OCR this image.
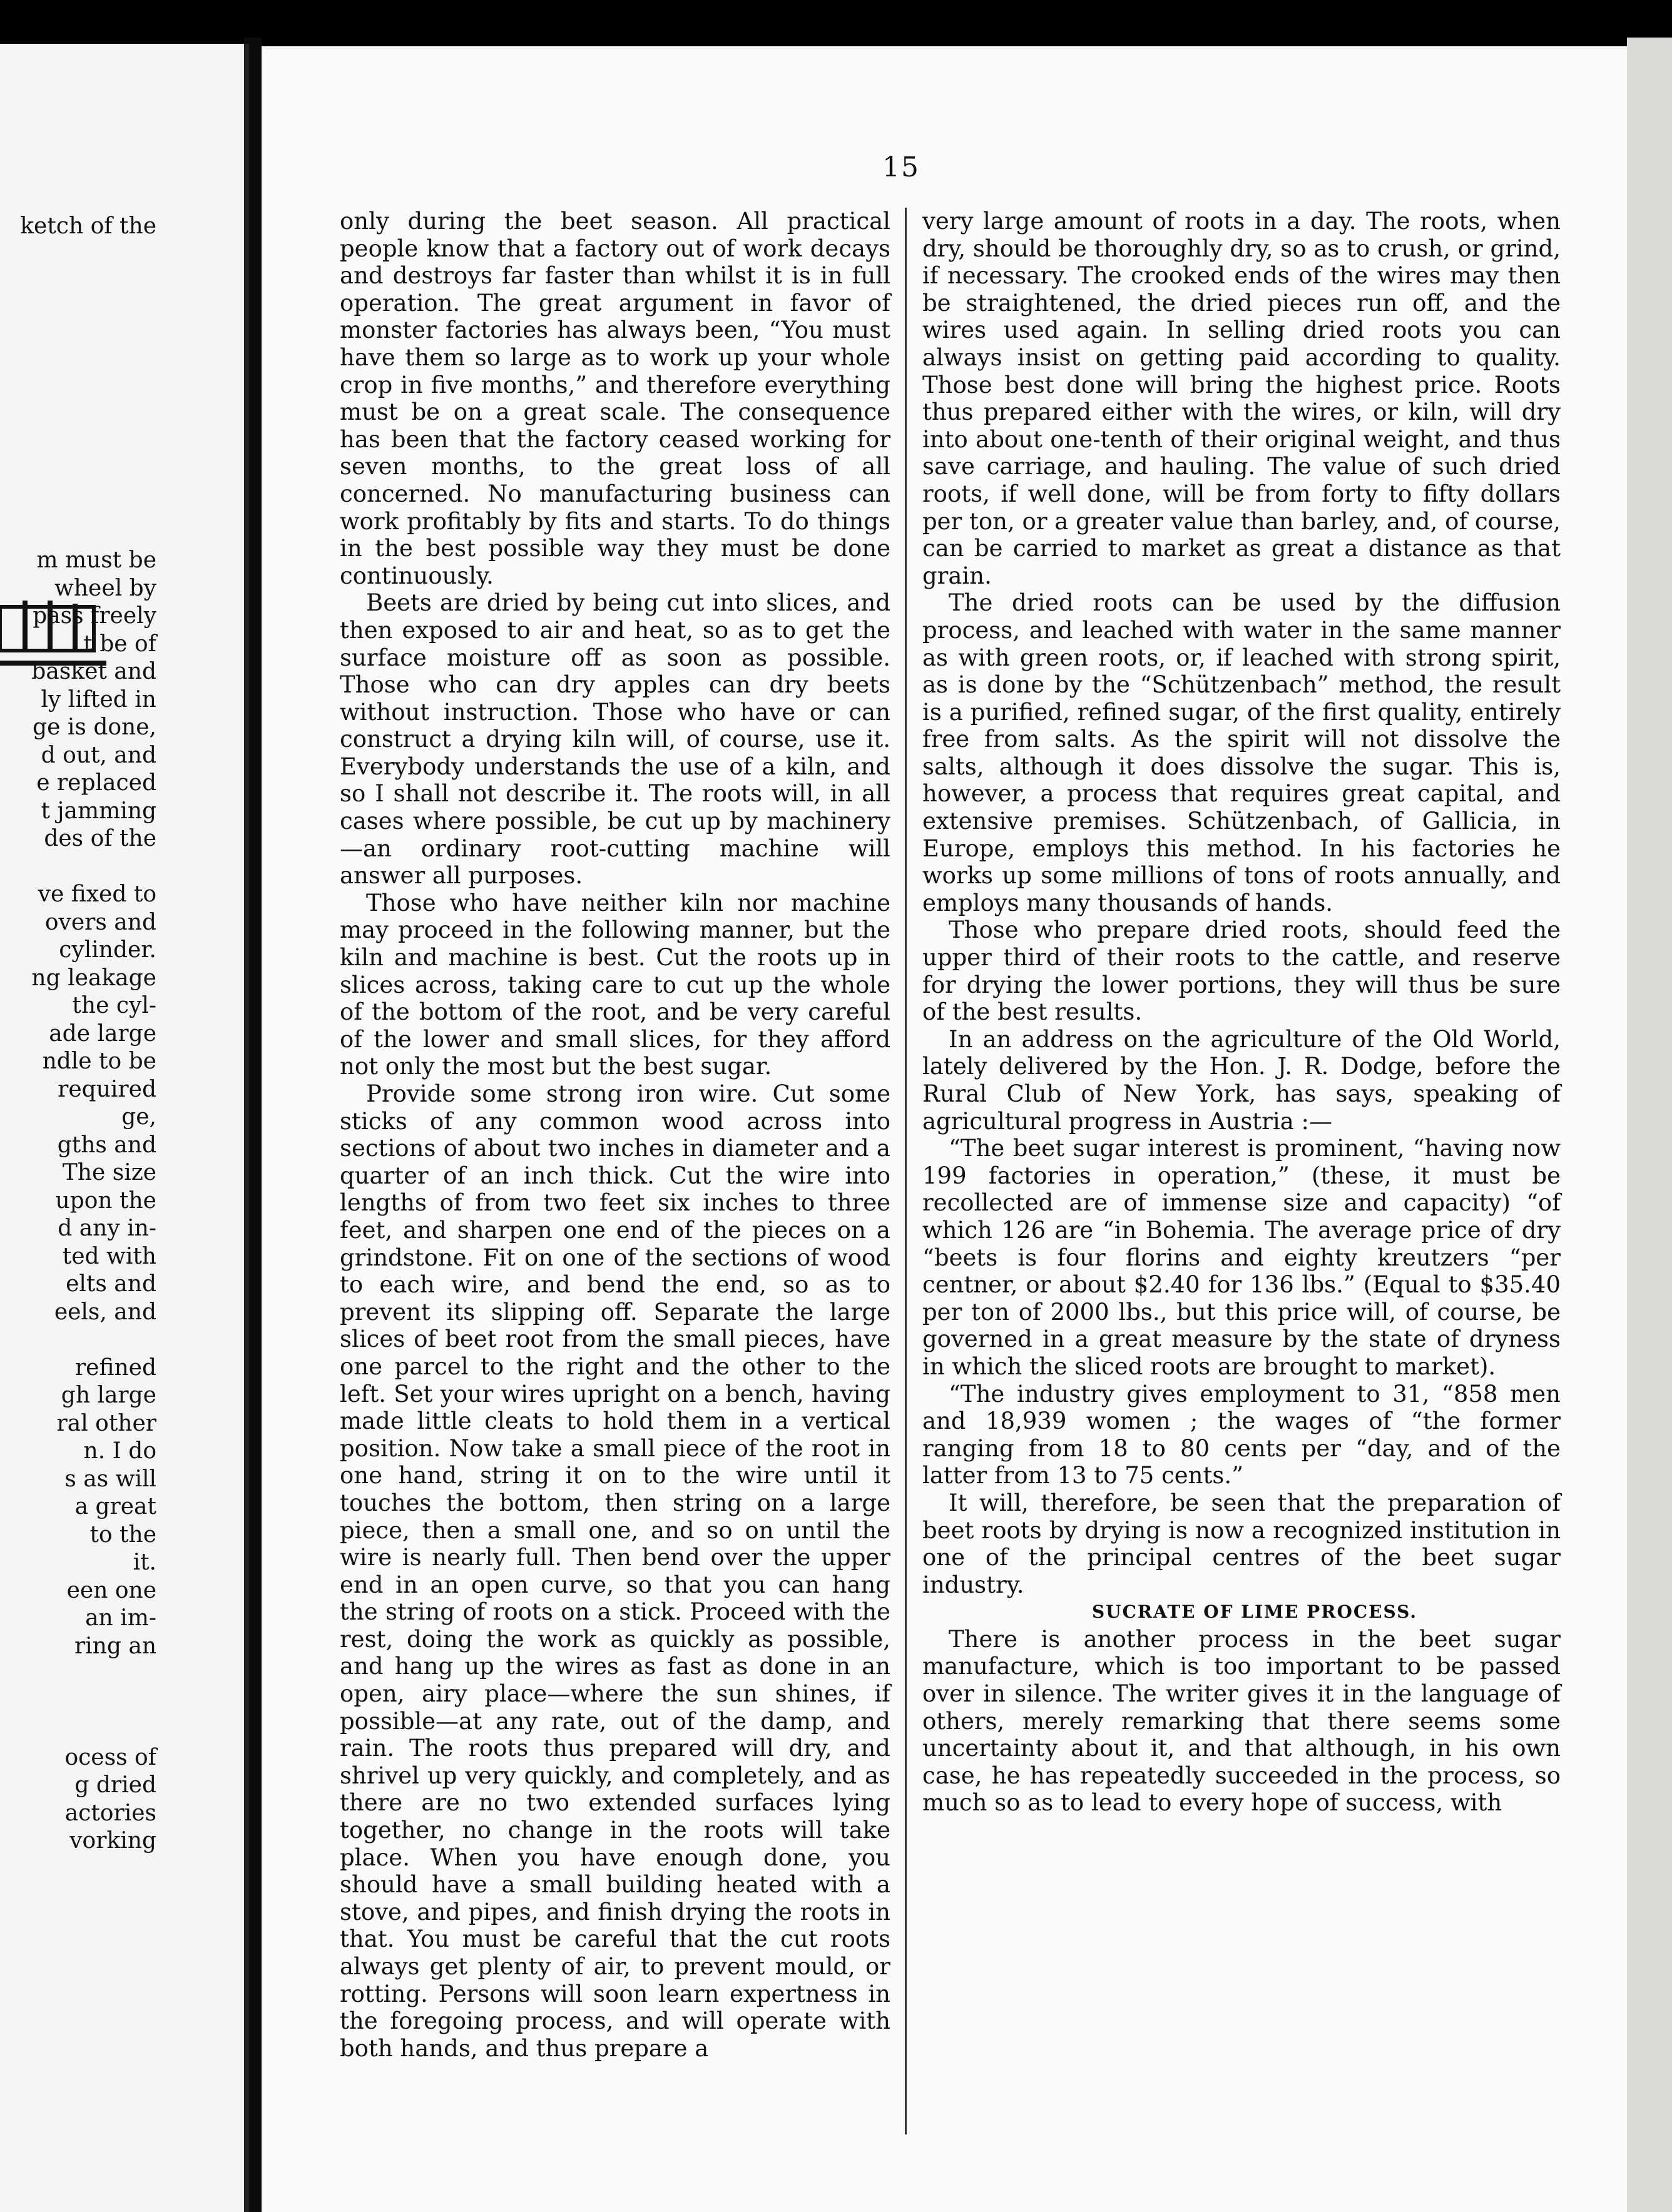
ketch of the
m must be
wheel by
pass freely
t be of
basket and
ly lifted in
ge is done,
d out, and
e replaced
t jamming
des of the
ve fixed to
overs and
cylinder.
ng leakage
the cyl-
ade large
ndle to be
required
ge,
gths and
The size
upon the
d any in-
ted with
elts and
eels, and
refined
gh large
ral other
n. I do
s as will
a great
to the
it.
een one
an im-
ring an
ocess of
g dried
actories
vorking
15

only during the beet season. All practical people know that a factory out of work decays and destroys far faster than whilst it is in full operation. The great argument in favor of monster factories has always been, “You must have them so large as to work up your whole crop in five months,” and therefore everything must be on a great scale. The consequence has been that the factory ceased working for seven months, to the great loss of all concerned. No manufacturing business can work profitably by fits and starts. To do things in the best possible way they must be done continuously.

Beets are dried by being cut into slices, and then exposed to air and heat, so as to get the surface moisture off as soon as possible. Those who can dry apples can dry beets without instruction. Those who have or can construct a drying kiln will, of course, use it. Everybody understands the use of a kiln, and so I shall not describe it. The roots will, in all cases where possible, be cut up by machinery—an ordinary root-cutting machine will answer all purposes.

Those who have neither kiln nor machine may proceed in the following manner, but the kiln and machine is best. Cut the roots up in slices across, taking care to cut up the whole of the bottom of the root, and be very careful of the lower and small slices, for they afford not only the most but the best sugar.

Provide some strong iron wire. Cut some sticks of any common wood across into sections of about two inches in diameter and a quarter of an inch thick. Cut the wire into lengths of from two feet six inches to three feet, and sharpen one end of the pieces on a grindstone. Fit on one of the sections of wood to each wire, and bend the end, so as to prevent its slipping off. Separate the large slices of beet root from the small pieces, have one parcel to the right and the other to the left. Set your wires upright on a bench, having made little cleats to hold them in a vertical position. Now take a small piece of the root in one hand, string it on to the wire until it touches the bottom, then string on a large piece, then a small one, and so on until the wire is nearly full. Then bend over the upper end in an open curve, so that you can hang the string of roots on a stick. Proceed with the rest, doing the work as quickly as possible, and hang up the wires as fast as done in an open, airy place—where the sun shines, if possible—at any rate, out of the damp, and rain. The roots thus prepared will dry, and shrivel up very quickly, and completely, and as there are no two extended surfaces lying together, no change in the roots will take place. When you have enough done, you should have a small building heated with a stove, and pipes, and finish drying the roots in that. You must be careful that the cut roots always get plenty of air, to prevent mould, or rotting. Persons will soon learn expertness in the foregoing process, and will operate with both hands, and thus prepare a

very large amount of roots in a day. The roots, when dry, should be thoroughly dry, so as to crush, or grind, if necessary. The crooked ends of the wires may then be straightened, the dried pieces run off, and the wires used again. In selling dried roots you can always insist on getting paid according to quality. Those best done will bring the highest price. Roots thus prepared either with the wires, or kiln, will dry into about one-tenth of their original weight, and thus save carriage, and hauling. The value of such dried roots, if well done, will be from forty to fifty dollars per ton, or a greater value than barley, and, of course, can be carried to market as great a distance as that grain.

The dried roots can be used by the diffusion process, and leached with water in the same manner as with green roots, or, if leached with strong spirit, as is done by the “Schützenbach” method, the result is a purified, refined sugar, of the first quality, entirely free from salts. As the spirit will not dissolve the salts, although it does dissolve the sugar. This is, however, a process that requires great capital, and extensive premises. Schützenbach, of Gallicia, in Europe, employs this method. In his factories he works up some millions of tons of roots annually, and employs many thousands of hands.

Those who prepare dried roots, should feed the upper third of their roots to the cattle, and reserve for drying the lower portions, they will thus be sure of the best results.

In an address on the agriculture of the Old World, lately delivered by the Hon. J. R. Dodge, before the Rural Club of New York, has says, speaking of agricultural progress in Austria :—

“The beet sugar interest is prominent, “having now 199 factories in operation,” (these, it must be recollected are of immense size and capacity) “of which 126 are “in Bohemia. The average price of dry “beets is four florins and eighty kreutzers “per centner, or about $2.40 for 136 lbs.” (Equal to $35.40 per ton of 2000 lbs., but this price will, of course, be governed in a great measure by the state of dryness in which the sliced roots are brought to market).

“The industry gives employment to 31, “858 men and 18,939 women ; the wages of “the former ranging from 18 to 80 cents per “day, and of the latter from 13 to 75 cents.”

It will, therefore, be seen that the preparation of beet roots by drying is now a recognized institution in one of the principal centres of the beet sugar industry.

SUCRATE OF LIME PROCESS.

There is another process in the beet sugar manufacture, which is too important to be passed over in silence. The writer gives it in the language of others, merely remarking that there seems some uncertainty about it, and that although, in his own case, he has repeatedly succeeded in the process, so much so as to lead to every hope of success, with
